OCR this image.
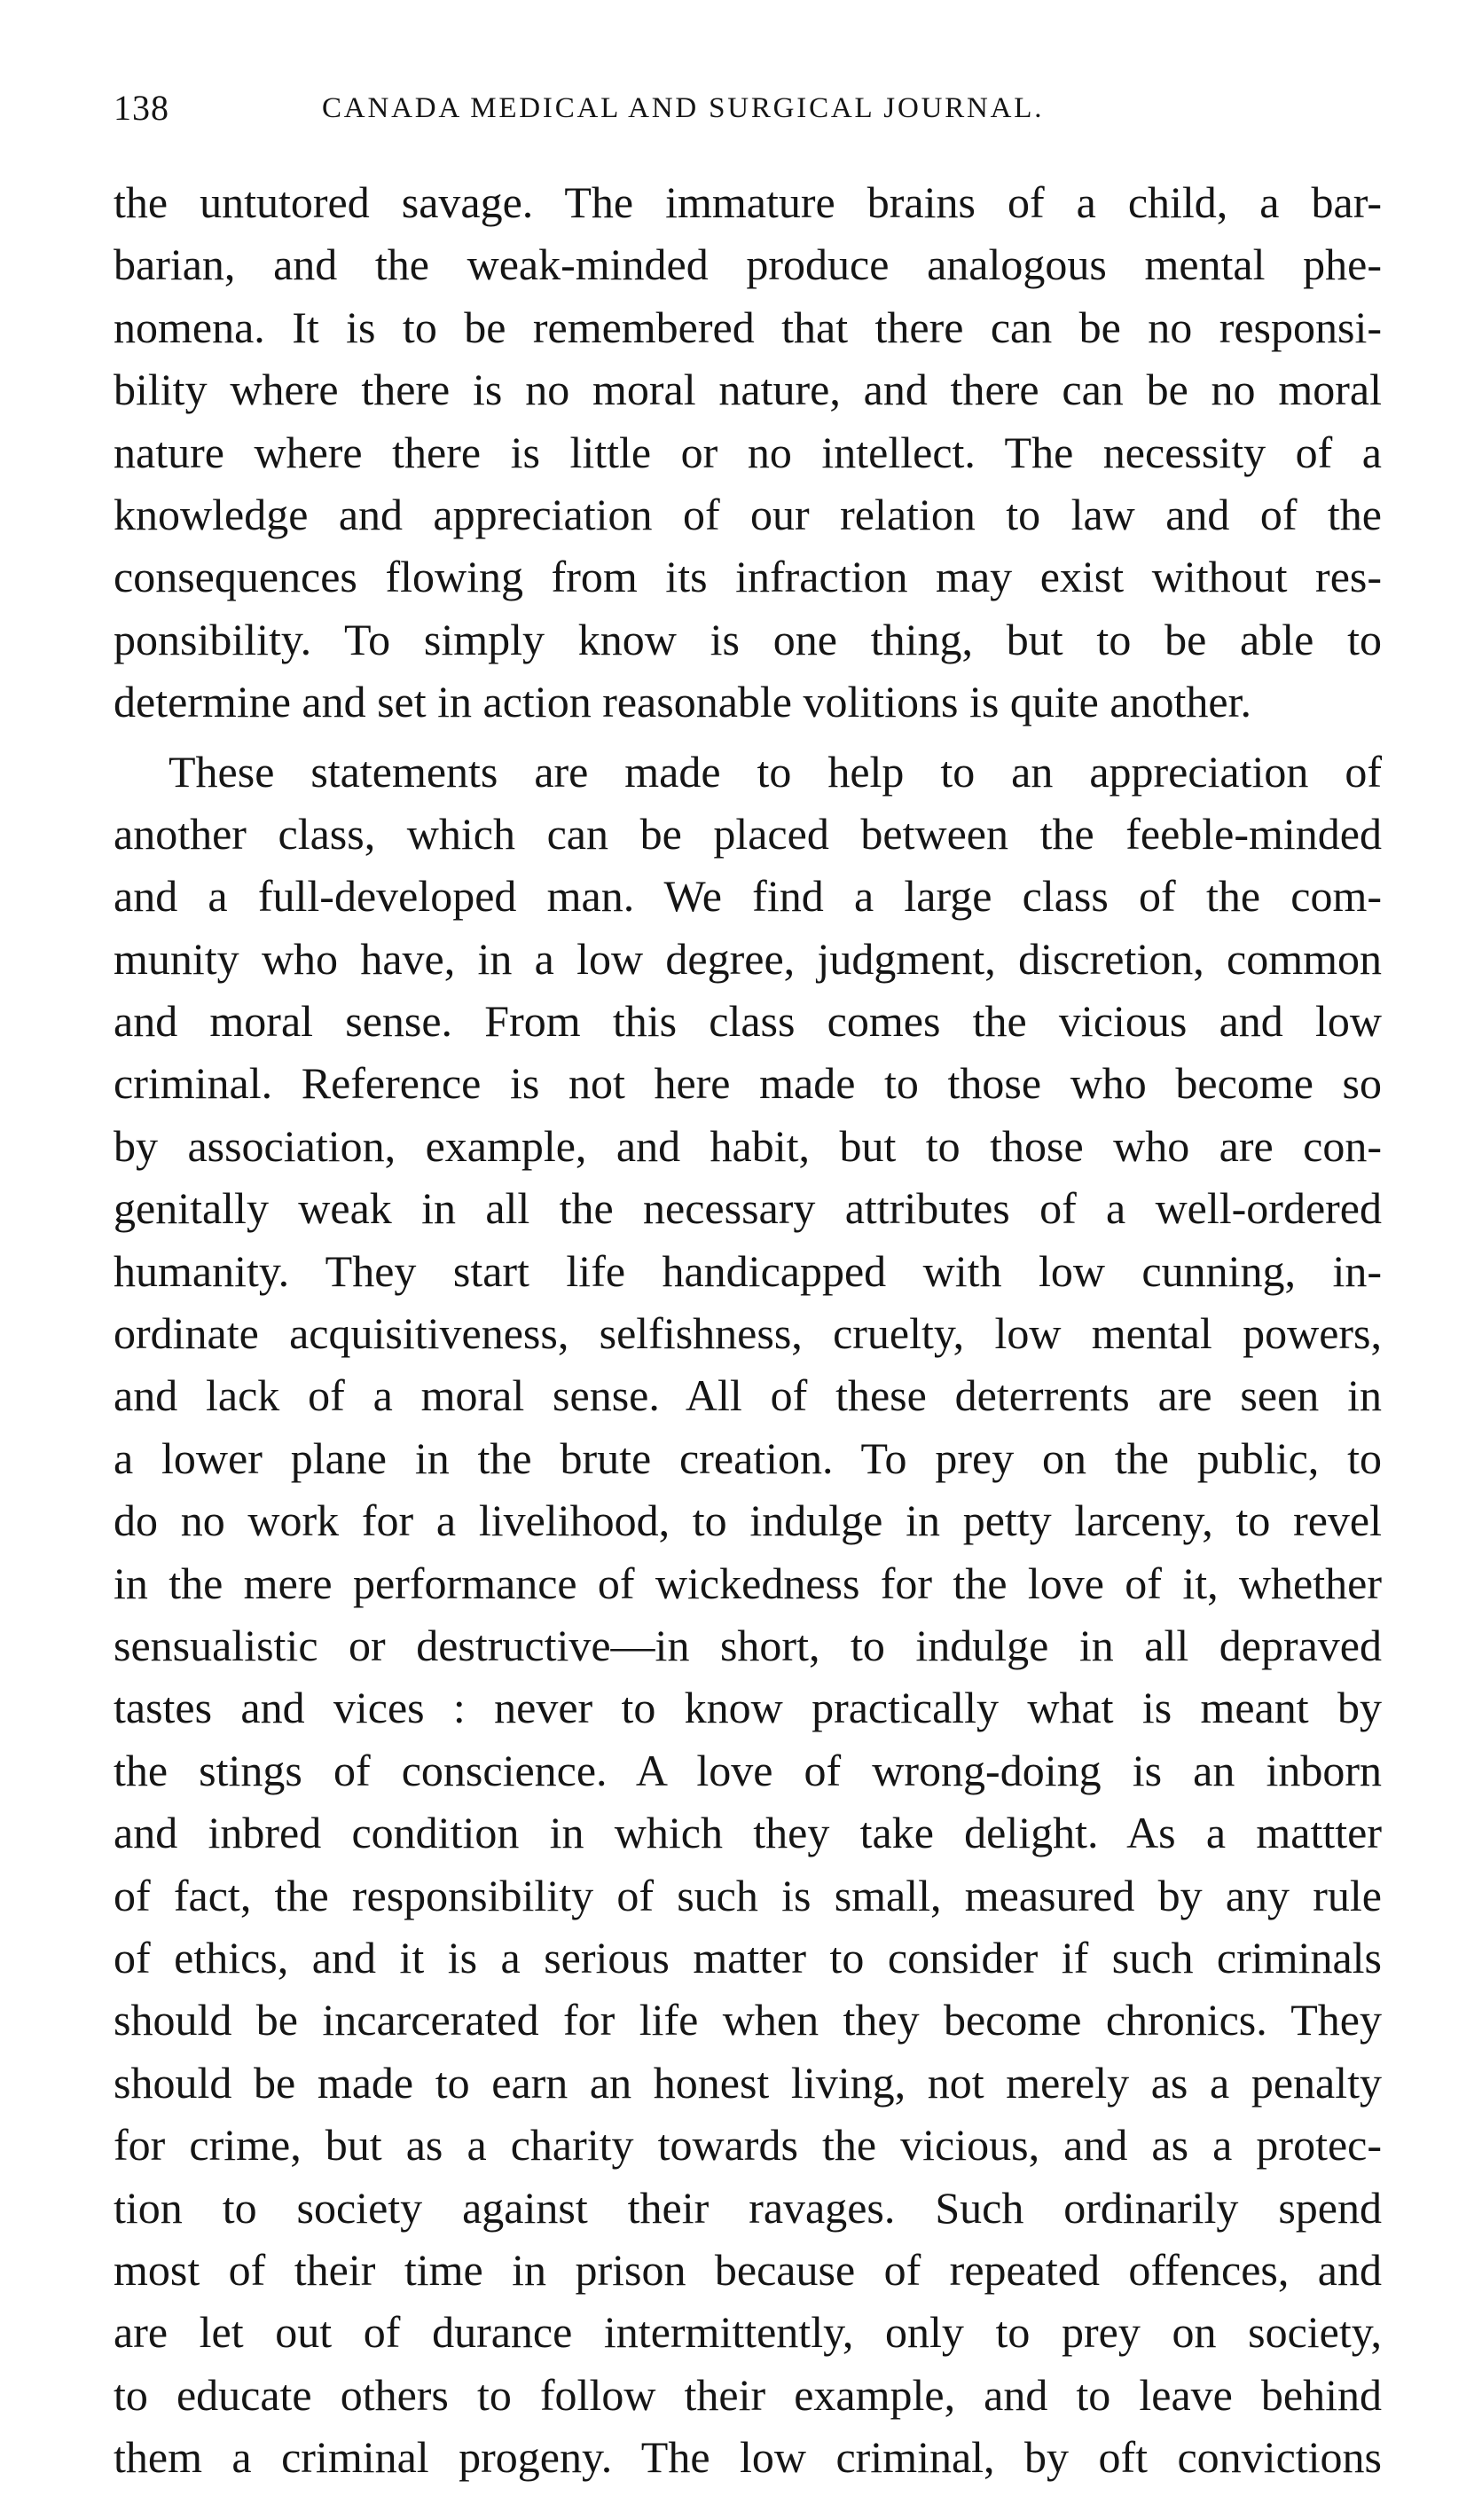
138	CANADA MEDICAL AND SURGICAL JOURNAL.
the untutored savage. The immature brains of a child, a bar-
barian, and the weak-minded produce analogous mental phe-
nomena. It is to be remembered that there can be no responsi-
bility where there is no moral nature, and there can be no moral
nature where there is little or no intellect. The necessity of a
knowledge and appreciation of our relation to law and of the
consequences flowing from its infraction may exist without res-
ponsibility. To simply know is one thing, but to be able to
determine and set in action reasonable volitions is quite another.
These statements are made to help to an appreciation of
another class, which can be placed between the feeble-minded
and a full-developed man. We find a large class of the com-
munity who have, in a low degree, judgment, discretion, common
and moral sense. From this class comes the vicious and low
criminal. Reference is not here made to those who become so
by association, example, and habit, but to those who are con-
genitally weak in all the necessary attributes of a well-ordered
humanity. They start life handicapped with low cunning, in-
ordinate acquisitiveness, selfishness, cruelty, low mental powers,
and lack of a moral sense. All of these deterrents are seen in
a lower plane in the brute creation. To prey on the public, to
do no work for a livelihood, to indulge in petty larceny, to revel
in the mere performance of wickedness for the love of it, whether
sensualistic or destructive—in short, to indulge in all depraved
tastes and vices : never to know practically what is meant by
the stings of conscience. A love of wrong-doing is an inborn
and inbred condition in which they take delight. As a mattter
of fact, the responsibility of such is small, measured by any rule
of ethics, and it is a serious matter to consider if such criminals
should be incarcerated for life when they become chronics. They
should be made to earn an honest living, not merely as a penalty
for crime, but as a charity towards the vicious, and as a protec-
tion to society against their ravages. Such ordinarily spend
most of their time in prison because of repeated offences, and
are let out of durance intermittently, only to prey on society,
to educate others to follow their example, and to leave behind
them a criminal progeny. The low criminal, by oft convictions
